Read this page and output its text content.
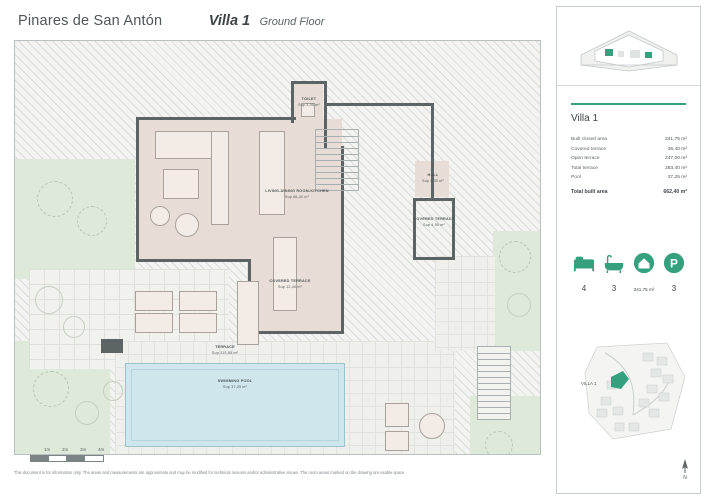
Pinares de San Antón	Villa 1 Ground Floor
TOILET
Sup 3,05 m²
LIVING-DINING ROOM-KITCHEN
Sup 66,40 m²
HALL
Sup 4,30 m²
COVERED TERRACE
Sup 4,55 m²
COVERED TERRACE
Sup 12,40 m²
TERRACE
Sup 215,85 m²
SWIMMING POOL
Sup 37,25 m²
1m	2m	3m	4m
This document is for information only. The areas and measurements are approximate and may be modified for technical reasons and/or administrative issues. The room areas marked on the drawing are usable space.
Villa 1
Built closed area	341,75 m²
Covered terrace	36,40 m²
Open terrace	247,00 m²
Total terrace	283,40 m²
Pool	37,25 m²
Total built area	662,40 m²
4	3	341,75 m²
P
3
VILLA 1
N
